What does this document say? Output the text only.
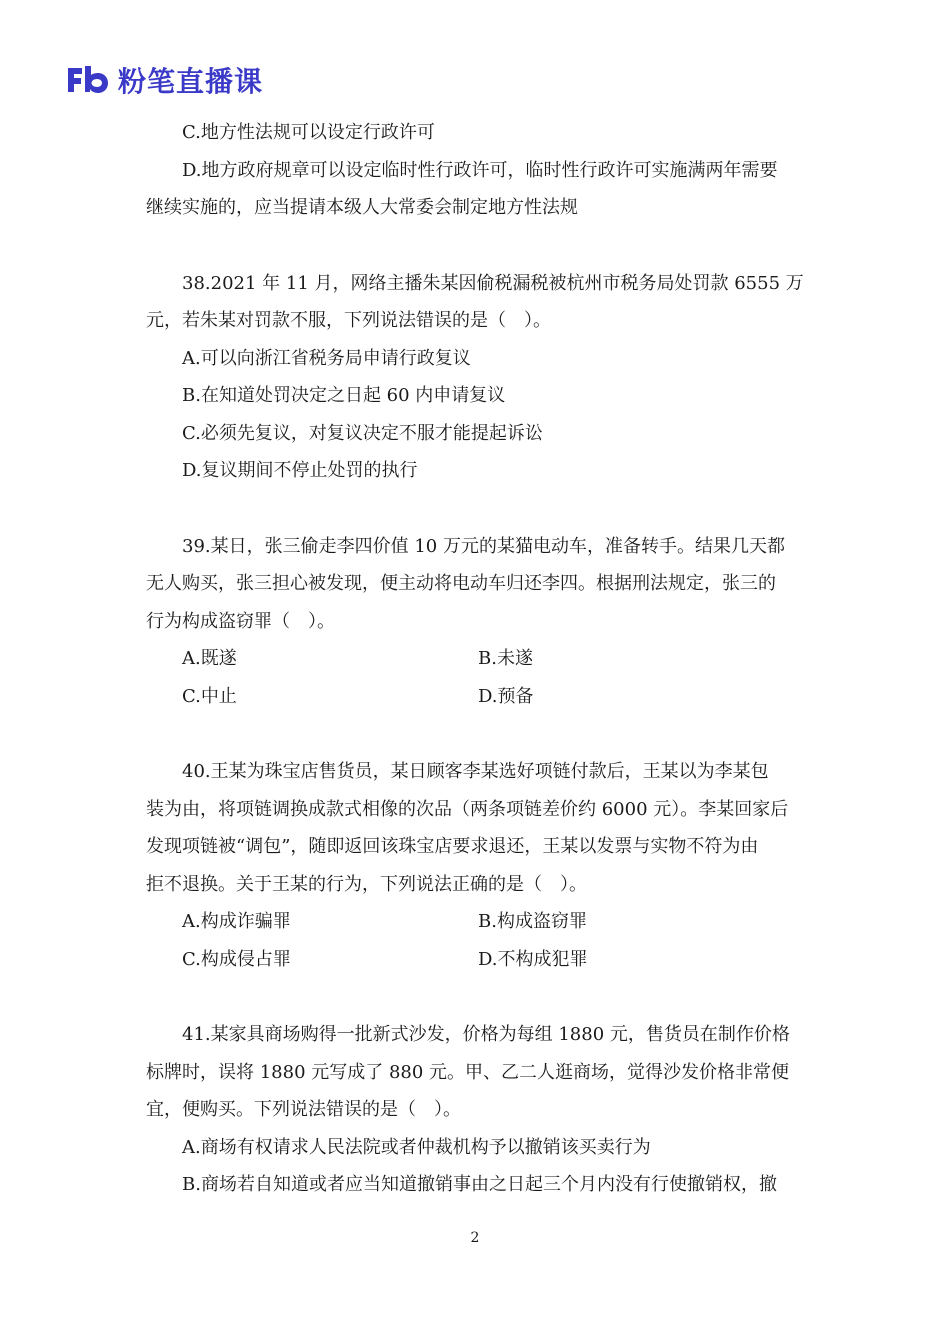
粉笔直播课
C.地方性法规可以设定行政许可
D.地方政府规章可以设定临时性行政许可，临时性行政许可实施满两年需要
继续实施的，应当提请本级人大常委会制定地方性法规
38.2021 年 11 月，网络主播朱某因偷税漏税被杭州市税务局处罚款 6555 万
元，若朱某对罚款不服，下列说法错误的是（　）。
A.可以向浙江省税务局申请行政复议
B.在知道处罚决定之日起 60 内申请复议
C.必须先复议，对复议决定不服才能提起诉讼
D.复议期间不停止处罚的执行
39.某日，张三偷走李四价值 10 万元的某猫电动车，准备转手。结果几天都
无人购买，张三担心被发现，便主动将电动车归还李四。根据刑法规定，张三的
行为构成盗窃罪（　）。
A.既遂	B.未遂
C.中止	D.预备
40.王某为珠宝店售货员，某日顾客李某选好项链付款后，王某以为李某包
装为由，将项链调换成款式相像的次品（两条项链差价约 6000 元）。李某回家后
发现项链被“调包”，随即返回该珠宝店要求退还，王某以发票与实物不符为由
拒不退换。关于王某的行为，下列说法正确的是（　）。
A.构成诈骗罪	B.构成盗窃罪
C.构成侵占罪	D.不构成犯罪
41.某家具商场购得一批新式沙发，价格为每组 1880 元，售货员在制作价格
标牌时，误将 1880 元写成了 880 元。甲、乙二人逛商场，觉得沙发价格非常便
宜，便购买。下列说法错误的是（　）。
A.商场有权请求人民法院或者仲裁机构予以撤销该买卖行为
B.商场若自知道或者应当知道撤销事由之日起三个月内没有行使撤销权，撤
2
